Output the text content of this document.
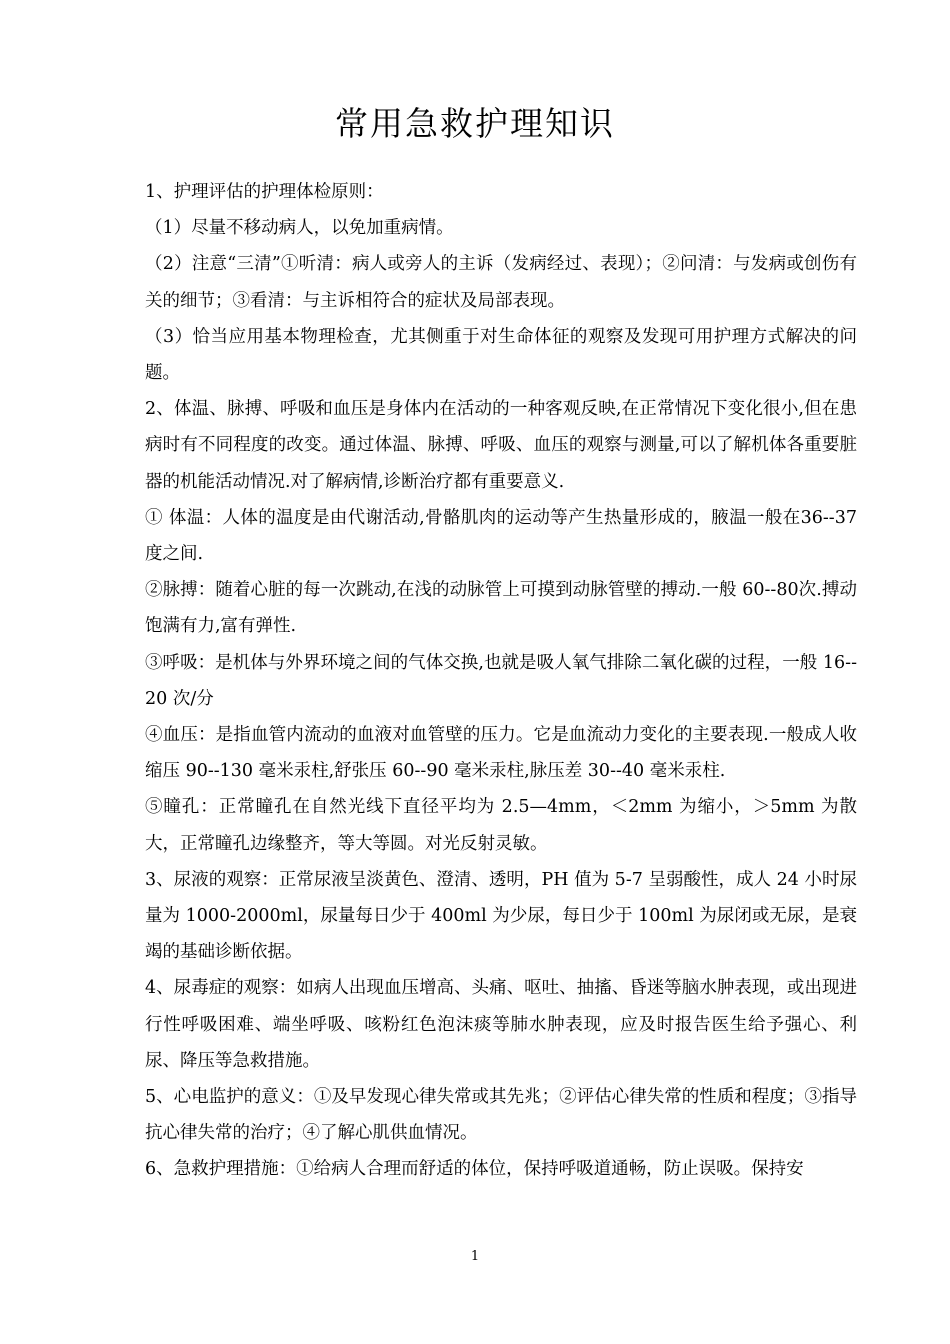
常用急救护理知识

1、护理评估的护理体检原则：

（1）尽量不移动病人，以免加重病情。

（2）注意“三清”①听清：病人或旁人的主诉（发病经过、表现）；②问清：与发病或创伤有关的细节；③看清：与主诉相符合的症状及局部表现。

（3）恰当应用基本物理检查，尤其侧重于对生命体征的观察及发现可用护理方式解决的问题。

2、体温、脉搏、呼吸和血压是身体内在活动的一种客观反映,在正常情况下变化很小,但在患病时有不同程度的改变。通过体温、脉搏、呼吸、血压的观察与测量,可以了解机体各重要脏器的机能活动情况.对了解病情,诊断治疗都有重要意义.

① 体温：人体的温度是由代谢活动,骨骼肌肉的运动等产生热量形成的，腋温一般在36--37 度之间.

②脉搏：随着心脏的每一次跳动,在浅的动脉管上可摸到动脉管壁的搏动.一般 60--80次.搏动饱满有力,富有弹性.

③呼吸：是机体与外界环境之间的气体交换,也就是吸人氧气排除二氧化碳的过程，一般 16--20 次/分

④血压：是指血管内流动的血液对血管壁的压力。它是血流动力变化的主要表现.一般成人收缩压 90--130 毫米汞柱,舒张压 60--90 毫米汞柱,脉压差 30--40 毫米汞柱.

⑤瞳孔：正常瞳孔在自然光线下直径平均为 2.5—4mm，＜2mm 为缩小，＞5mm 为散大，正常瞳孔边缘整齐，等大等圆。对光反射灵敏。

3、尿液的观察：正常尿液呈淡黄色、澄清、透明，PH 值为 5-7 呈弱酸性，成人 24 小时尿量为 1000-2000ml，尿量每日少于 400ml 为少尿，每日少于 100ml 为尿闭或无尿，是衰竭的基础诊断依据。

4、尿毒症的观察：如病人出现血压增高、头痛、呕吐、抽搐、昏迷等脑水肿表现，或出现进行性呼吸困难、端坐呼吸、咳粉红色泡沫痰等肺水肿表现，应及时报告医生给予强心、利尿、降压等急救措施。

5、心电监护的意义：①及早发现心律失常或其先兆；②评估心律失常的性质和程度；③指导抗心律失常的治疗；④了解心肌供血情况。

6、急救护理措施：①给病人合理而舒适的体位，保持呼吸道通畅，防止误吸。保持安

1
